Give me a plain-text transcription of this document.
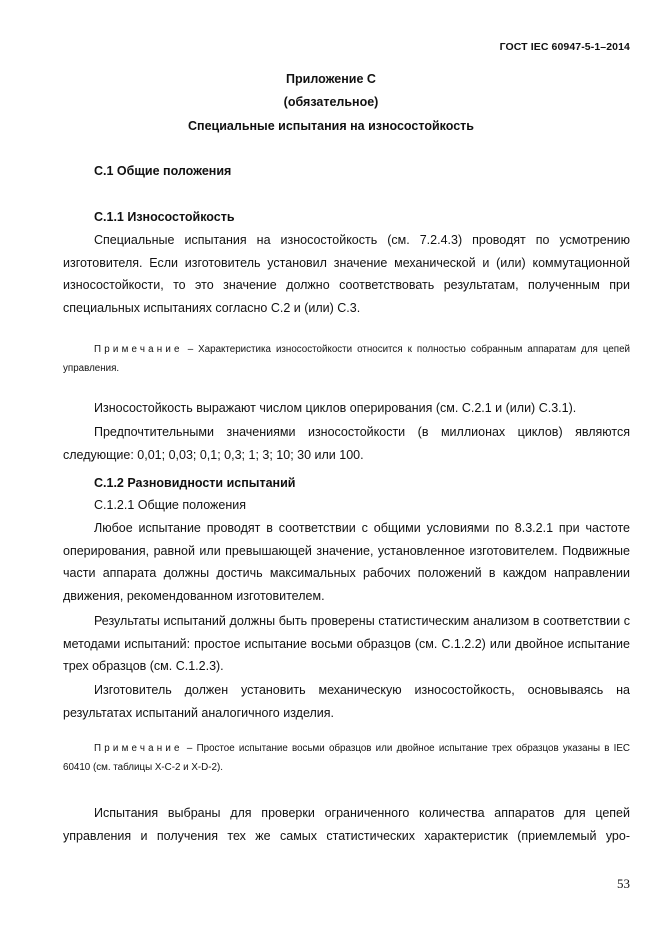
ГОСТ IEC 60947-5-1–2014
Приложение С
(обязательное)
Специальные испытания на износостойкость
С.1 Общие положения
С.1.1 Износостойкость
Специальные испытания на износостойкость (см. 7.2.4.3) проводят по усмотрению изготовителя. Если изготовитель установил значение механической и (или) коммутационной износостойкости, то это значение должно соответствовать результатам, полученным при специальных испытаниях согласно С.2 и (или) С.3.
Примечание – Характеристика износостойкости относится к полностью собранным аппаратам для цепей управления.
Износостойкость выражают числом циклов оперирования (см. С.2.1 и (или) С.3.1).
Предпочтительными значениями износостойкости (в миллионах циклов) являются следующие: 0,01; 0,03; 0,1; 0,3; 1; 3; 10; 30 или 100.
С.1.2 Разновидности испытаний
С.1.2.1 Общие положения
Любое испытание проводят в соответствии с общими условиями по 8.3.2.1 при частоте оперирования, равной или превышающей значение, установленное изготовителем. Подвижные части аппарата должны достичь максимальных рабочих положений в каждом направлении движения, рекомендованном изготовителем.
Результаты испытаний должны быть проверены статистическим анализом в соответствии с методами испытаний: простое испытание восьми образцов (см. С.1.2.2) или двойное испытание трех образцов (см. С.1.2.3).
Изготовитель должен установить механическую износостойкость, основываясь на результатах испытаний аналогичного изделия.
Примечание – Простое испытание восьми образцов или двойное испытание трех образцов указаны в IEC 60410 (см. таблицы X-C-2 и X-D-2).
Испытания выбраны для проверки ограниченного количества аппаратов для цепей управления и получения тех же самых статистических характеристик (приемлемый уро-
53
